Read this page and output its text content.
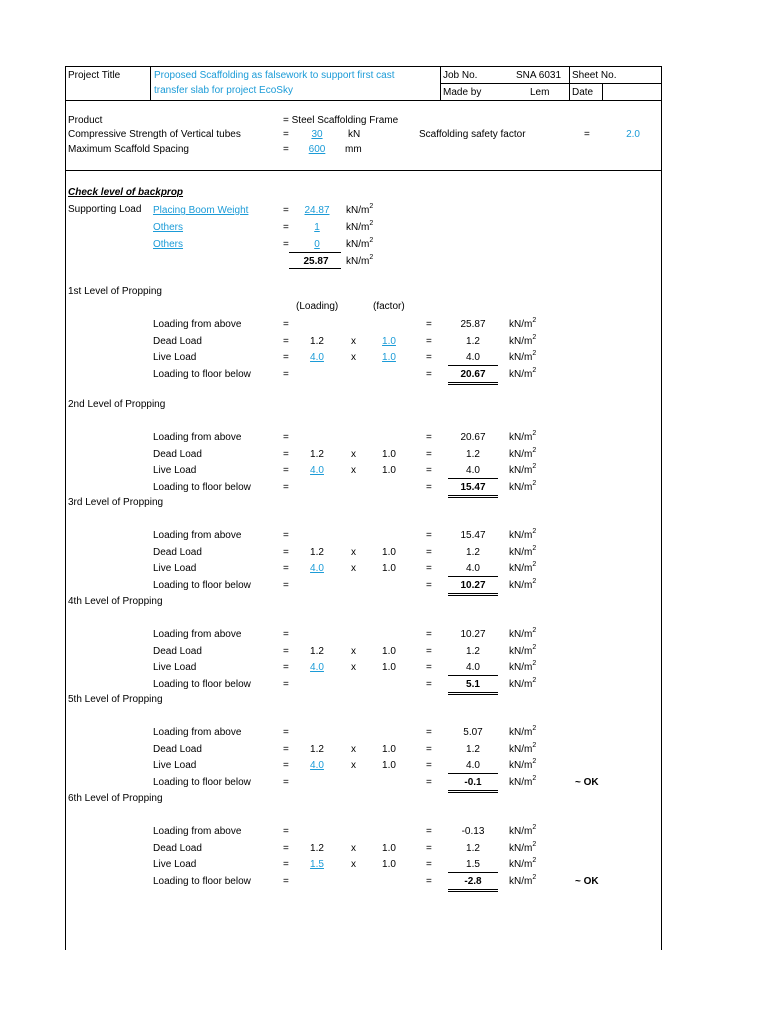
Project Title	Proposed Scaffolding as falsework to support first cast
transfer slab for project EcoSky
Job No.	SNA 6031 Sheet No.
Made by	Lem Date
Product	= Steel Scaffolding Frame
Compressive Strength of Vertical tubes	=	30	kN	Scaffolding safety factor	=	2.0
Maximum Scaffold Spacing	=	600	mm
Check level of backprop
Supporting Load Placing Boom Weight	=	24.87	$kN/m^2$
Others	=	1	$kN/m^2$
Others	=	0	$kN/m^2$
25.87	$kN/m^2$
(Loading)	(factor)
1st Level of Propping
Loading from above	=	=	25.87	$kN/m^2$
Dead Load	=	1.2	x	1.0	=	1.2	$kN/m^2$
Live Load	=	4.0	x	1.0	=	4.0	$kN/m^2$
Loading to floor below	=	=	20.67	$kN/m^2$
2nd Level of Propping
Loading from above	=	=	20.67	$kN/m^2$
Dead Load	=	1.2	x	1.0	=	1.2	$kN/m^2$
Live Load	=	4.0	x	1.0	=	4.0	$kN/m^2$
Loading to floor below	=	=	15.47	$kN/m^2$
3rd Level of Propping
Loading from above	=	=	15.47	$kN/m^2$
Dead Load	=	1.2	x	1.0	=	1.2	$kN/m^2$
Live Load	=	4.0	x	1.0	=	4.0	$kN/m^2$
Loading to floor below	=	=	10.27	$kN/m^2$
4th Level of Propping
Loading from above	=	=	10.27	$kN/m^2$
Dead Load	=	1.2	x	1.0	=	1.2	$kN/m^2$
Live Load	=	4.0	x	1.0	=	4.0	$kN/m^2$
Loading to floor below	=	=	5.1	$kN/m^2$
5th Level of Propping
Loading from above	=	=	5.07	$kN/m^2$
Dead Load	=	1.2	x	1.0	=	1.2	$kN/m^2$
Live Load	=	4.0	x	1.0	=	4.0	$kN/m^2$
Loading to floor below	=	=	-0.1	$kN/m^2$	~ OK
6th Level of Propping
Loading from above	=	=	-0.13	$kN/m^2$
Dead Load	=	1.2	x	1.0	=	1.2	$kN/m^2$
Live Load	=	1.5	x	1.0	=	1.5	$kN/m^2$
Loading to floor below	=	=	-2.8	$kN/m^2$	~ OK
